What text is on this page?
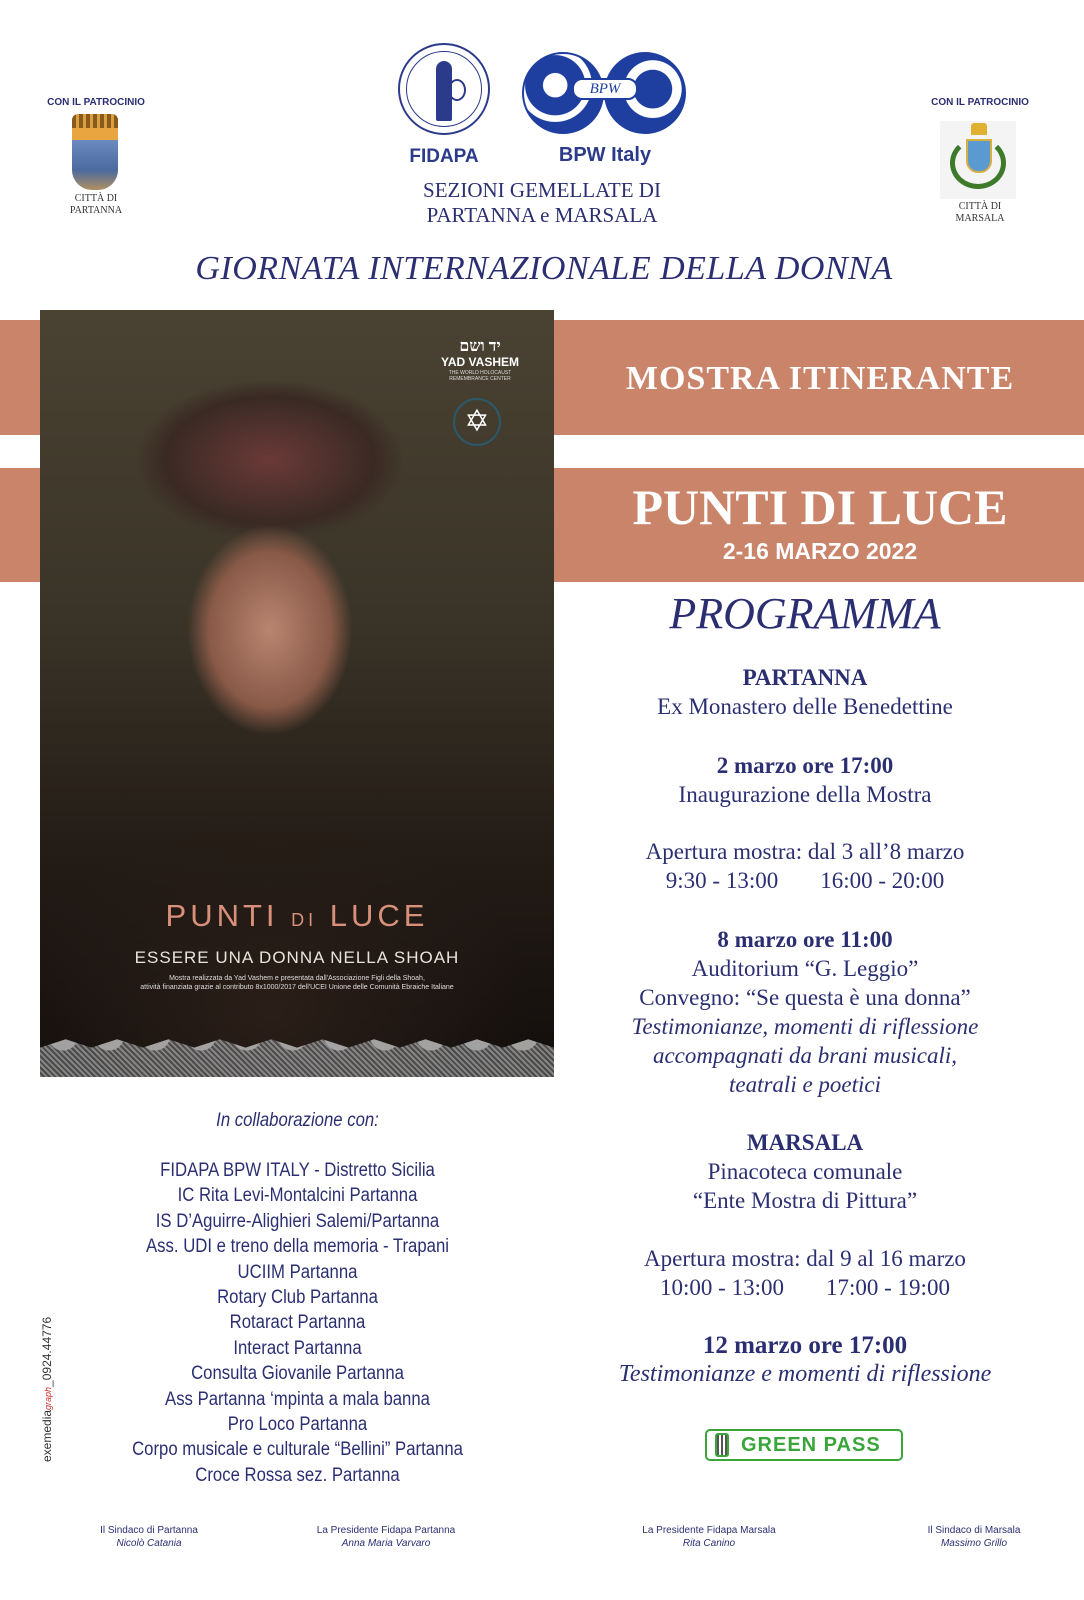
CON IL PATROCINIO
CITTÀ DI
PARTANNA
CON IL PATROCINIO
CITTÀ DI
MARSALA
BPW
FIDAPA	BPW Italy
SEZIONI GEMELLATE DI
PARTANNA e MARSALA
GIORNATA INTERNAZIONALE DELLA DONNA
MOSTRA ITINERANTE
PUNTI DI LUCE
2-16 MARZO 2022
יד ושם
YAD VASHEM
THE WORLD HOLOCAUST REMEMBRANCE CENTER
✡
PUNTI DI LUCE
ESSERE UNA DONNA NELLA SHOAH
Mostra realizzata da Yad Vashem e presentata dall'Associazione Figli della Shoah,
attività finanziata grazie al contributo 8x1000/2017 dell'UCEI Unione delle Comunità Ebraiche Italiane
PROGRAMMA
PARTANNA
Ex Monastero delle Benedettine
2 marzo ore 17:00
Inaugurazione della Mostra
Apertura mostra: dal 3 all’8 marzo
9:30 - 13:00 16:00 - 20:00
8 marzo ore 11:00
Auditorium “G. Leggio”
Convegno: “Se questa è una donna”
Testimonianze, momenti di riflessione
accompagnati da brani musicali,
teatrali e poetici
MARSALA
Pinacoteca comunale
“Ente Mostra di Pittura”
Apertura mostra: dal 9 al 16 marzo
10:00 - 13:00 17:00 - 19:00
12 marzo ore 17:00
Testimonianze e momenti di riflessione
GREEN PASS
In collaborazione con:
FIDAPA BPW ITALY - Distretto Sicilia
IC Rita Levi-Montalcini Partanna
IS D’Aguirre-Alighieri Salemi/Partanna
Ass. UDI e treno della memoria - Trapani
UCIIM Partanna
Rotary Club Partanna
Rotaract Partanna
Interact Partanna
Consulta Giovanile Partanna
Ass Partanna ‘mpinta a mala banna
Pro Loco Partanna
Corpo musicale e culturale “Bellini” Partanna
Croce Rossa sez. Partanna
exemediagraph_0924.44776
Il Sindaco di Partanna
Nicolò Catania
La Presidente Fidapa Partanna
Anna Maria Varvaro
La Presidente Fidapa Marsala
Rita Canino
Il Sindaco di Marsala
Massimo Grillo
